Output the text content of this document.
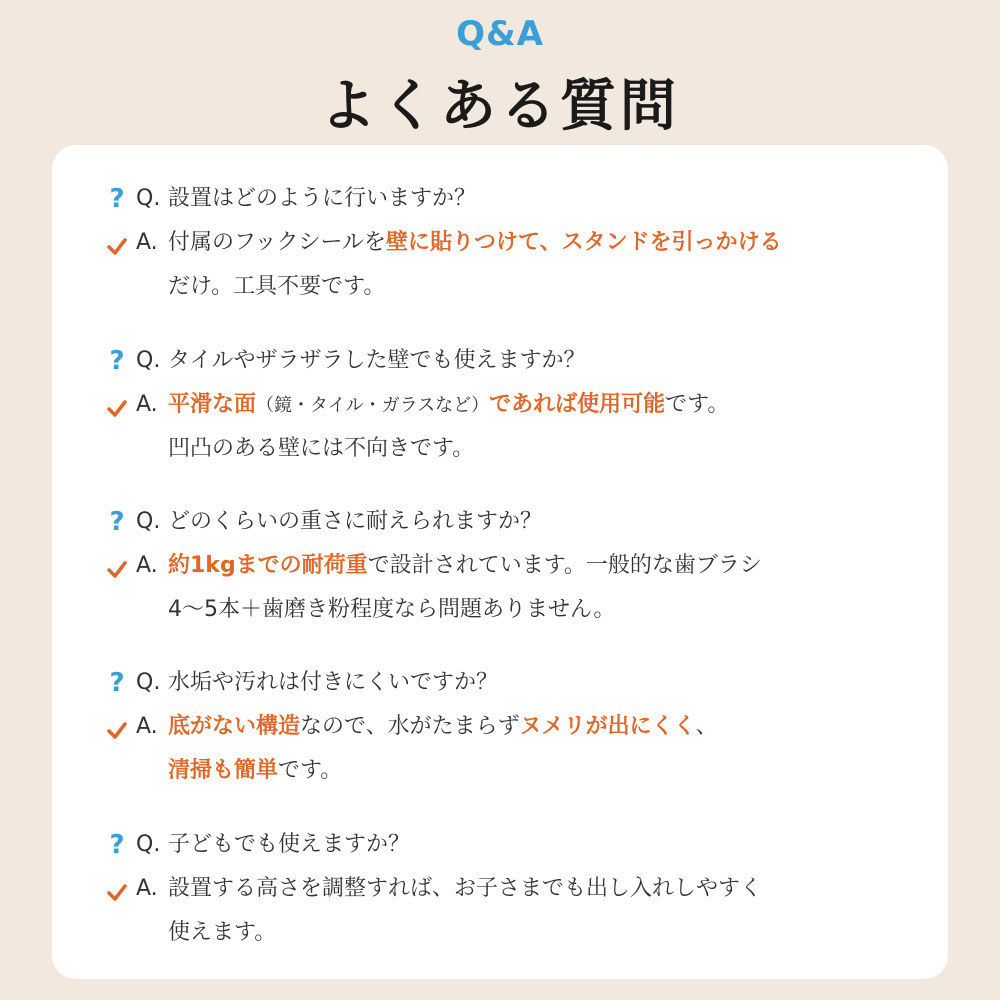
Q&A
よくある質問
? Q. 設置はどのように行いますか？
A. 付属のフックシールを壁に貼りつけて、スタンドを引っかける
だけ。工具不要です。
? Q. タイルやザラザラした壁でも使えますか？
A. 平滑な面（鏡・タイル・ガラスなど）であれば使用可能です。
凹凸のある壁には不向きです。
? Q. どのくらいの重さに耐えられますか？
A. 約1kgまでの耐荷重で設計されています。一般的な歯ブラシ
4～5本＋歯磨き粉程度なら問題ありません。
? Q. 水垢や汚れは付きにくいですか？
A. 底がない構造なので、水がたまらずヌメリが出にくく、
清掃も簡単です。
? Q. 子どもでも使えますか？
A. 設置する高さを調整すれば、お子さまでも出し入れしやすく
使えます。
